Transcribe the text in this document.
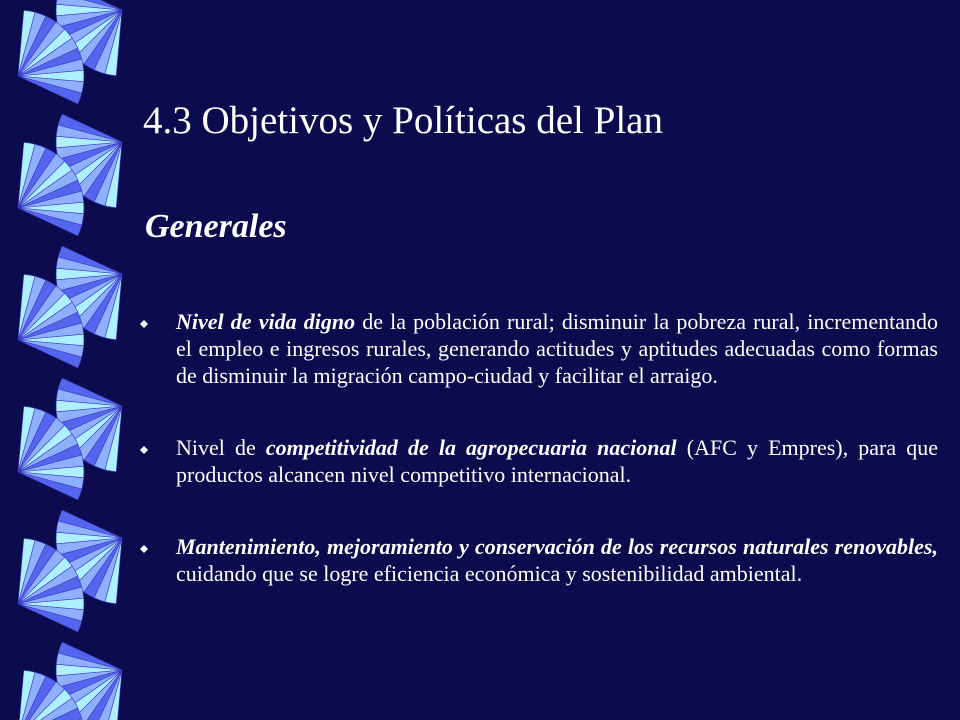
4.3 Objetivos y Políticas del Plan
Generales
Nivel de vida digno de la población rural; disminuir la pobreza rural, incrementando el empleo e ingresos rurales, generando actitudes y aptitudes adecuadas como formas de disminuir la migración campo-ciudad y facilitar el arraigo.
Nivel de competitividad de la agropecuaria nacional (AFC y Empres), para que productos alcancen nivel competitivo internacional.
Mantenimiento, mejoramiento y conservación de los recursos naturales renovables, cuidando que se logre eficiencia económica y sostenibilidad ambiental.
